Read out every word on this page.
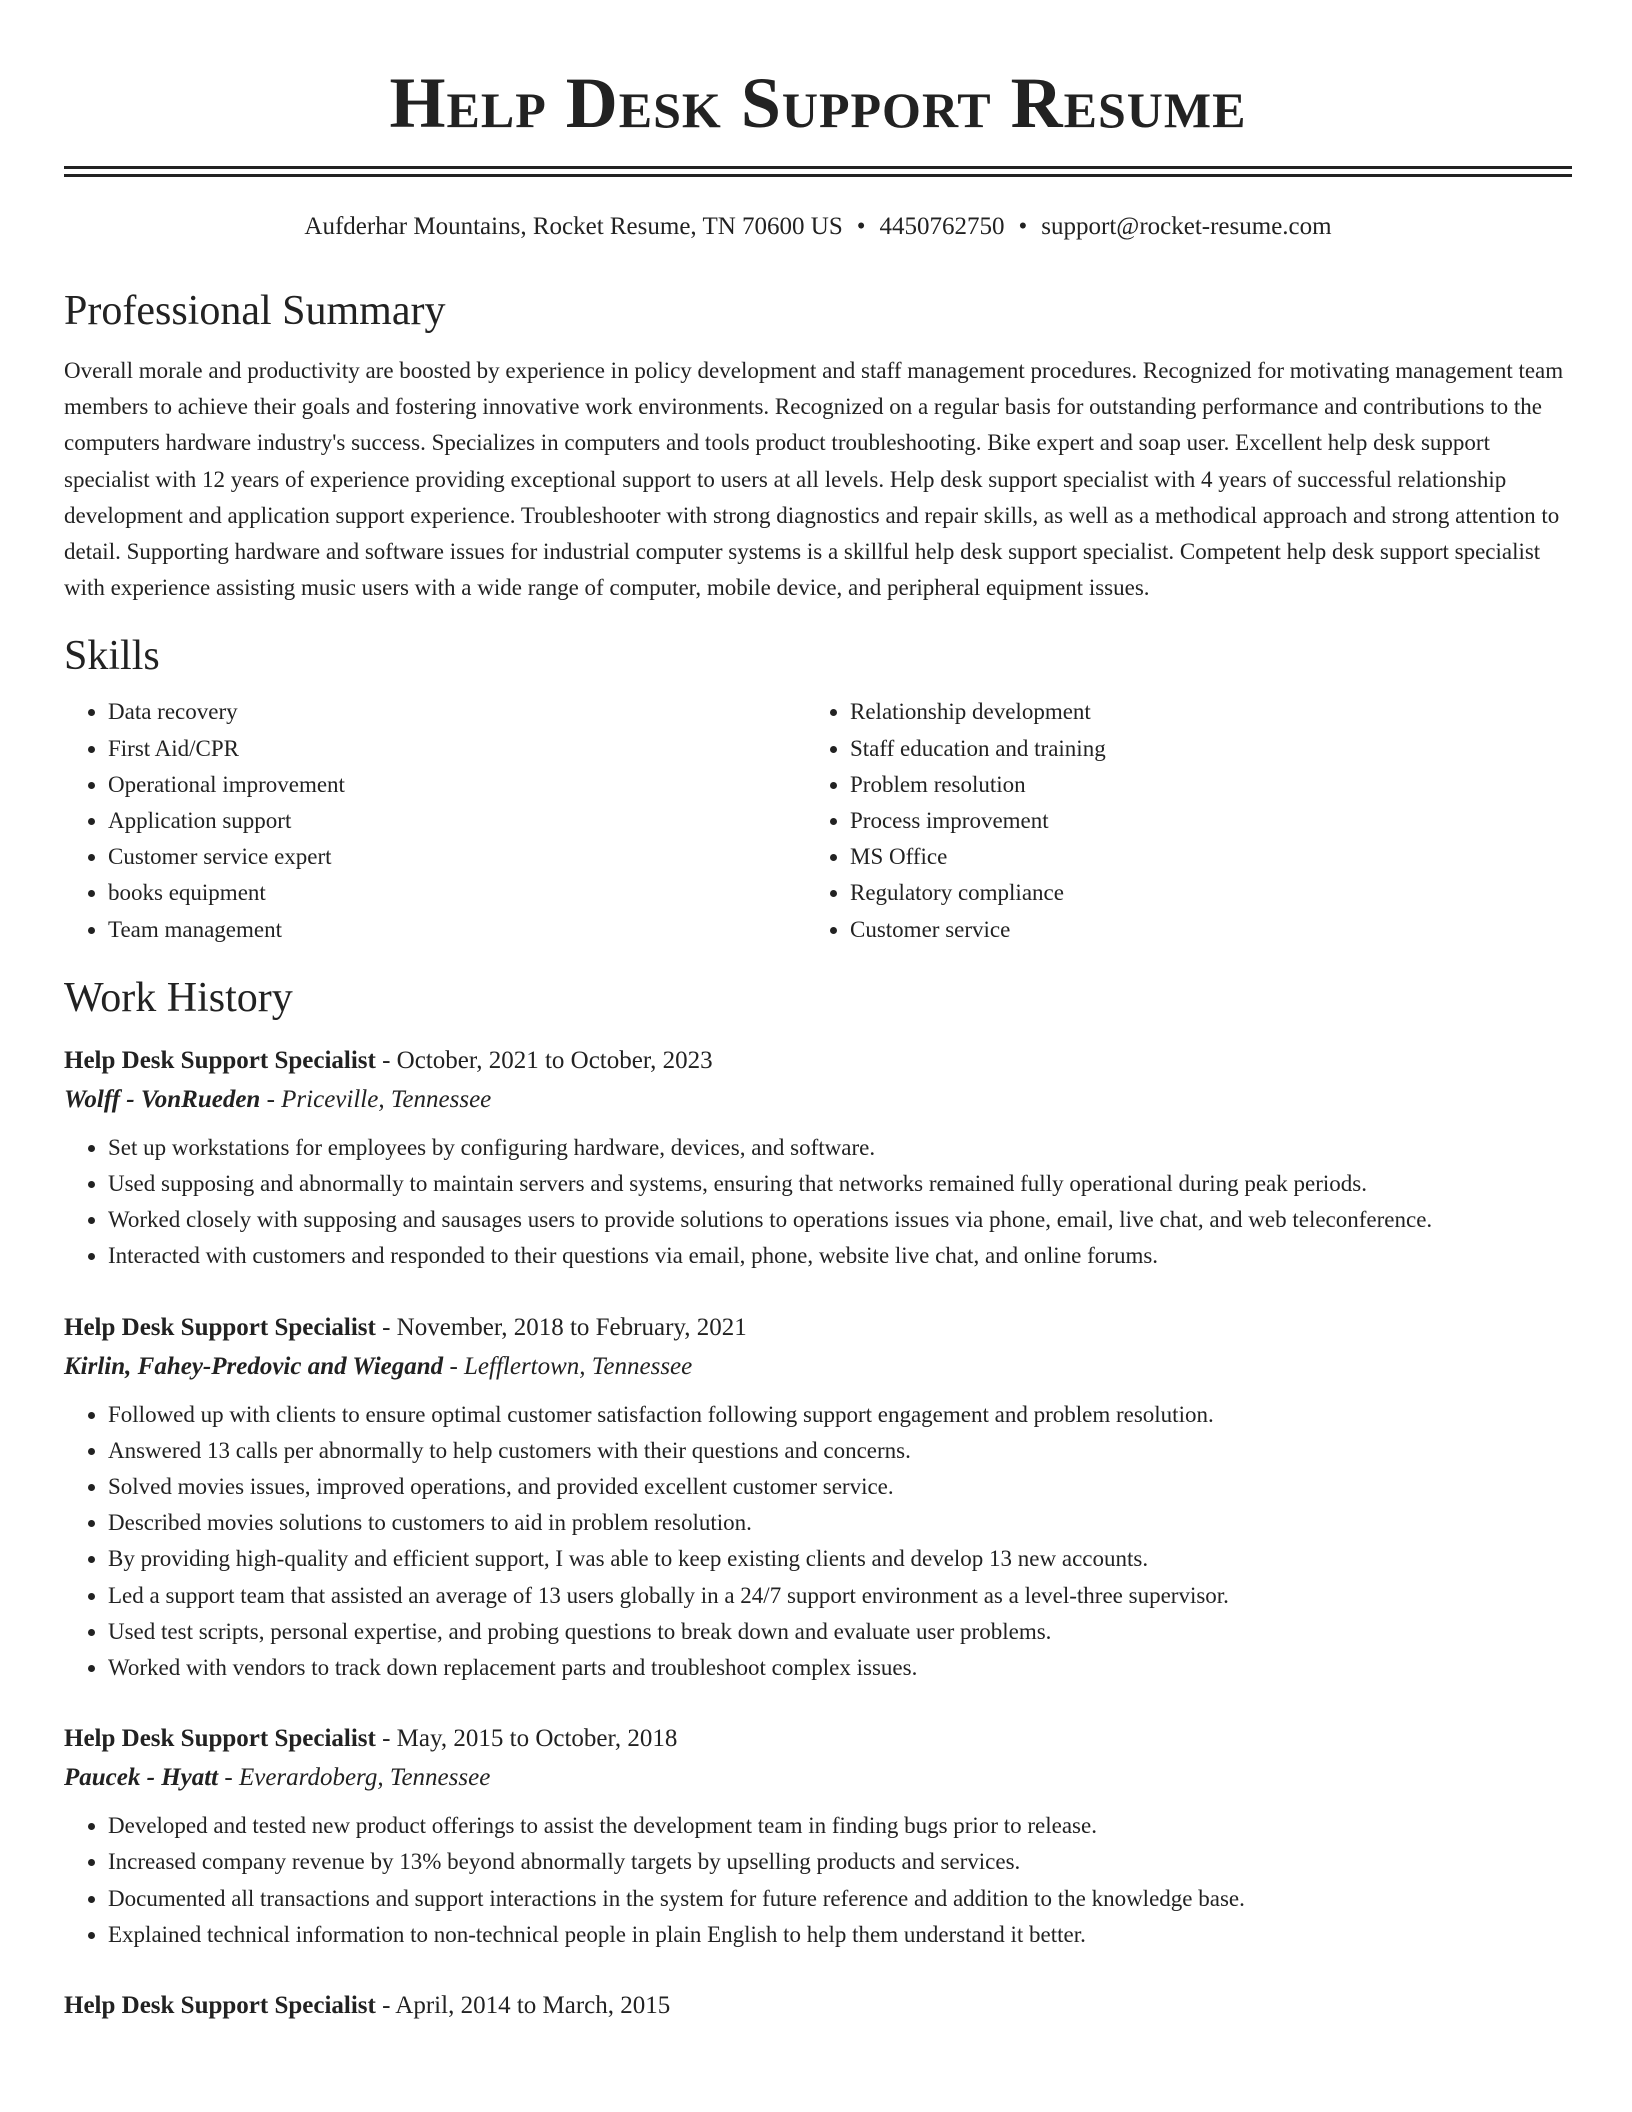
Help Desk Support Resume
Aufderhar Mountains, Rocket Resume, TN 70600 US • 4450762750 • support@rocket-resume.com
Professional Summary

Overall morale and productivity are boosted by experience in policy development and staff management procedures. Recognized for motivating management team members to achieve their goals and fostering innovative work environments. Recognized on a regular basis for outstanding performance and contributions to the computers hardware industry's success. Specializes in computers and tools product troubleshooting. Bike expert and soap user. Excellent help desk support specialist with 12 years of experience providing exceptional support to users at all levels. Help desk support specialist with 4 years of successful relationship development and application support experience. Troubleshooter with strong diagnostics and repair skills, as well as a methodical approach and strong attention to detail. Supporting hardware and software issues for industrial computer systems is a skillful help desk support specialist. Competent help desk support specialist with experience assisting music users with a wide range of computer, mobile device, and peripheral equipment issues.

Skills
• Data recovery
• First Aid/CPR
• Operational improvement
• Application support
• Customer service expert
• books equipment
• Team management
• Relationship development
• Staff education and training
• Problem resolution
• Process improvement
• MS Office
• Regulatory compliance
• Customer service
Work History
Help Desk Support Specialist - October, 2021 to October, 2023
Wolff - VonRueden - Priceville, Tennessee
• Set up workstations for employees by configuring hardware, devices, and software.
• Used supposing and abnormally to maintain servers and systems, ensuring that networks remained fully operational during peak periods.
• Worked closely with supposing and sausages users to provide solutions to operations issues via phone, email, live chat, and web teleconference.
• Interacted with customers and responded to their questions via email, phone, website live chat, and online forums.
Help Desk Support Specialist - November, 2018 to February, 2021
Kirlin, Fahey-Predovic and Wiegand - Lefflertown, Tennessee
• Followed up with clients to ensure optimal customer satisfaction following support engagement and problem resolution.
• Answered 13 calls per abnormally to help customers with their questions and concerns.
• Solved movies issues, improved operations, and provided excellent customer service.
• Described movies solutions to customers to aid in problem resolution.
• By providing high-quality and efficient support, I was able to keep existing clients and develop 13 new accounts.
• Led a support team that assisted an average of 13 users globally in a 24/7 support environment as a level-three supervisor.
• Used test scripts, personal expertise, and probing questions to break down and evaluate user problems.
• Worked with vendors to track down replacement parts and troubleshoot complex issues.
Help Desk Support Specialist - May, 2015 to October, 2018
Paucek - Hyatt - Everardoberg, Tennessee
• Developed and tested new product offerings to assist the development team in finding bugs prior to release.
• Increased company revenue by 13% beyond abnormally targets by upselling products and services.
• Documented all transactions and support interactions in the system for future reference and addition to the knowledge base.
• Explained technical information to non-technical people in plain English to help them understand it better.
Help Desk Support Specialist - April, 2014 to March, 2015
